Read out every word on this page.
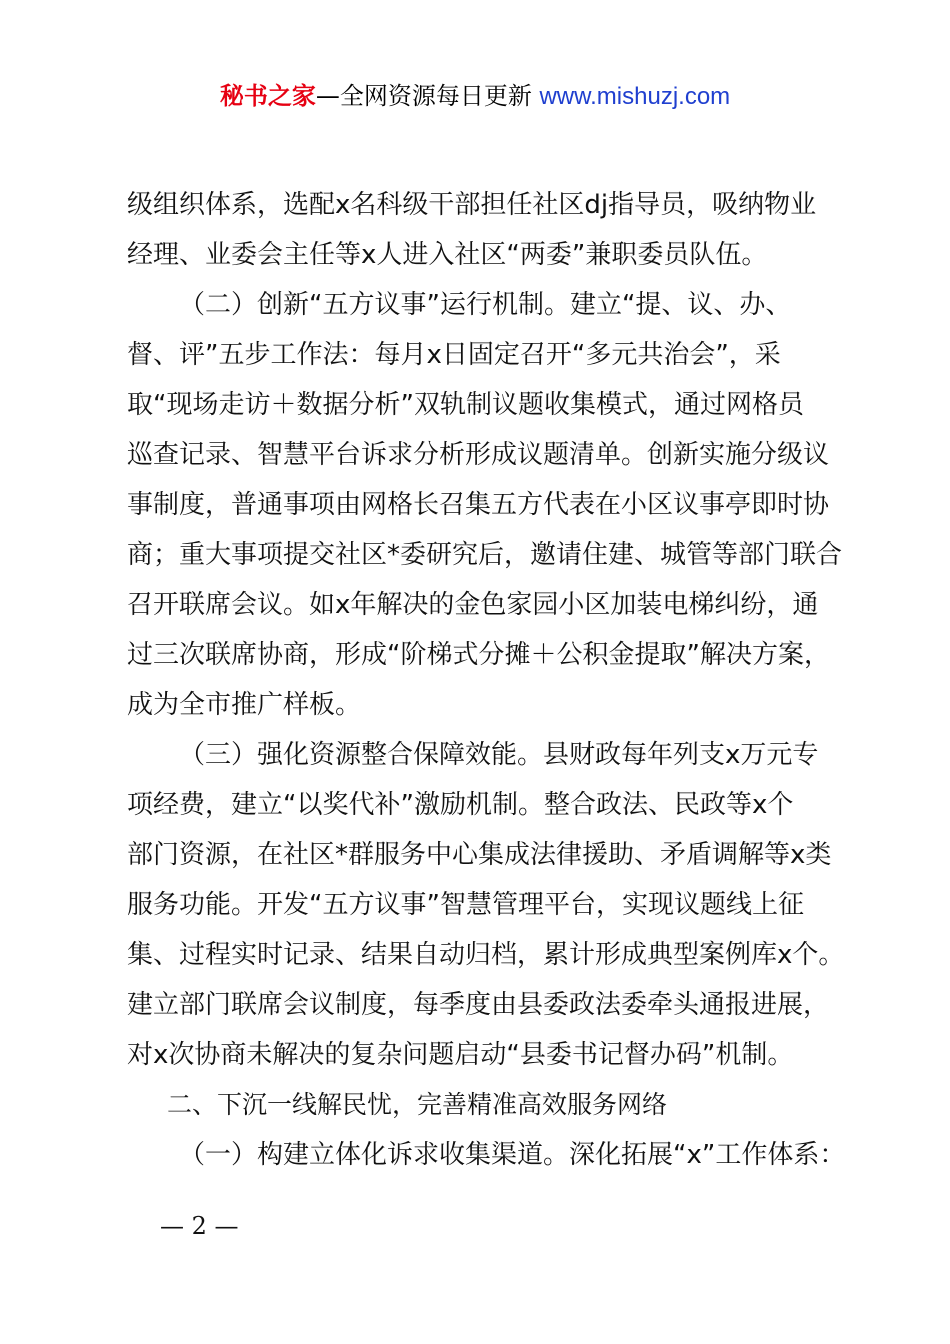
秘书之家—全网资源每日更新 www.mishuzj.com
级组织体系，选配x名科级干部担任社区dj指导员，吸纳物业
经理、业委会主任等x人进入社区“两委”兼职委员队伍。
（二）创新“五方议事”运行机制。建立“提、议、办、
督、评”五步工作法：每月x日固定召开“多元共治会”，采
取“现场走访＋数据分析”双轨制议题收集模式，通过网格员
巡查记录、智慧平台诉求分析形成议题清单。创新实施分级议
事制度，普通事项由网格长召集五方代表在小区议事亭即时协
商；重大事项提交社区*委研究后，邀请住建、城管等部门联合
召开联席会议。如x年解决的金色家园小区加装电梯纠纷，通
过三次联席协商，形成“阶梯式分摊＋公积金提取”解决方案，
成为全市推广样板。
（三）强化资源整合保障效能。县财政每年列支x万元专
项经费，建立“以奖代补”激励机制。整合政法、民政等x个
部门资源，在社区*群服务中心集成法律援助、矛盾调解等x类
服务功能。开发“五方议事”智慧管理平台，实现议题线上征
集、过程实时记录、结果自动归档，累计形成典型案例库x个。
建立部门联席会议制度，每季度由县委政法委牵头通报进展，
对x次协商未解决的复杂问题启动“县委书记督办码”机制。
二、下沉一线解民忧，完善精准高效服务网络
（一）构建立体化诉求收集渠道。深化拓展“x”工作体系：
— 2 —
